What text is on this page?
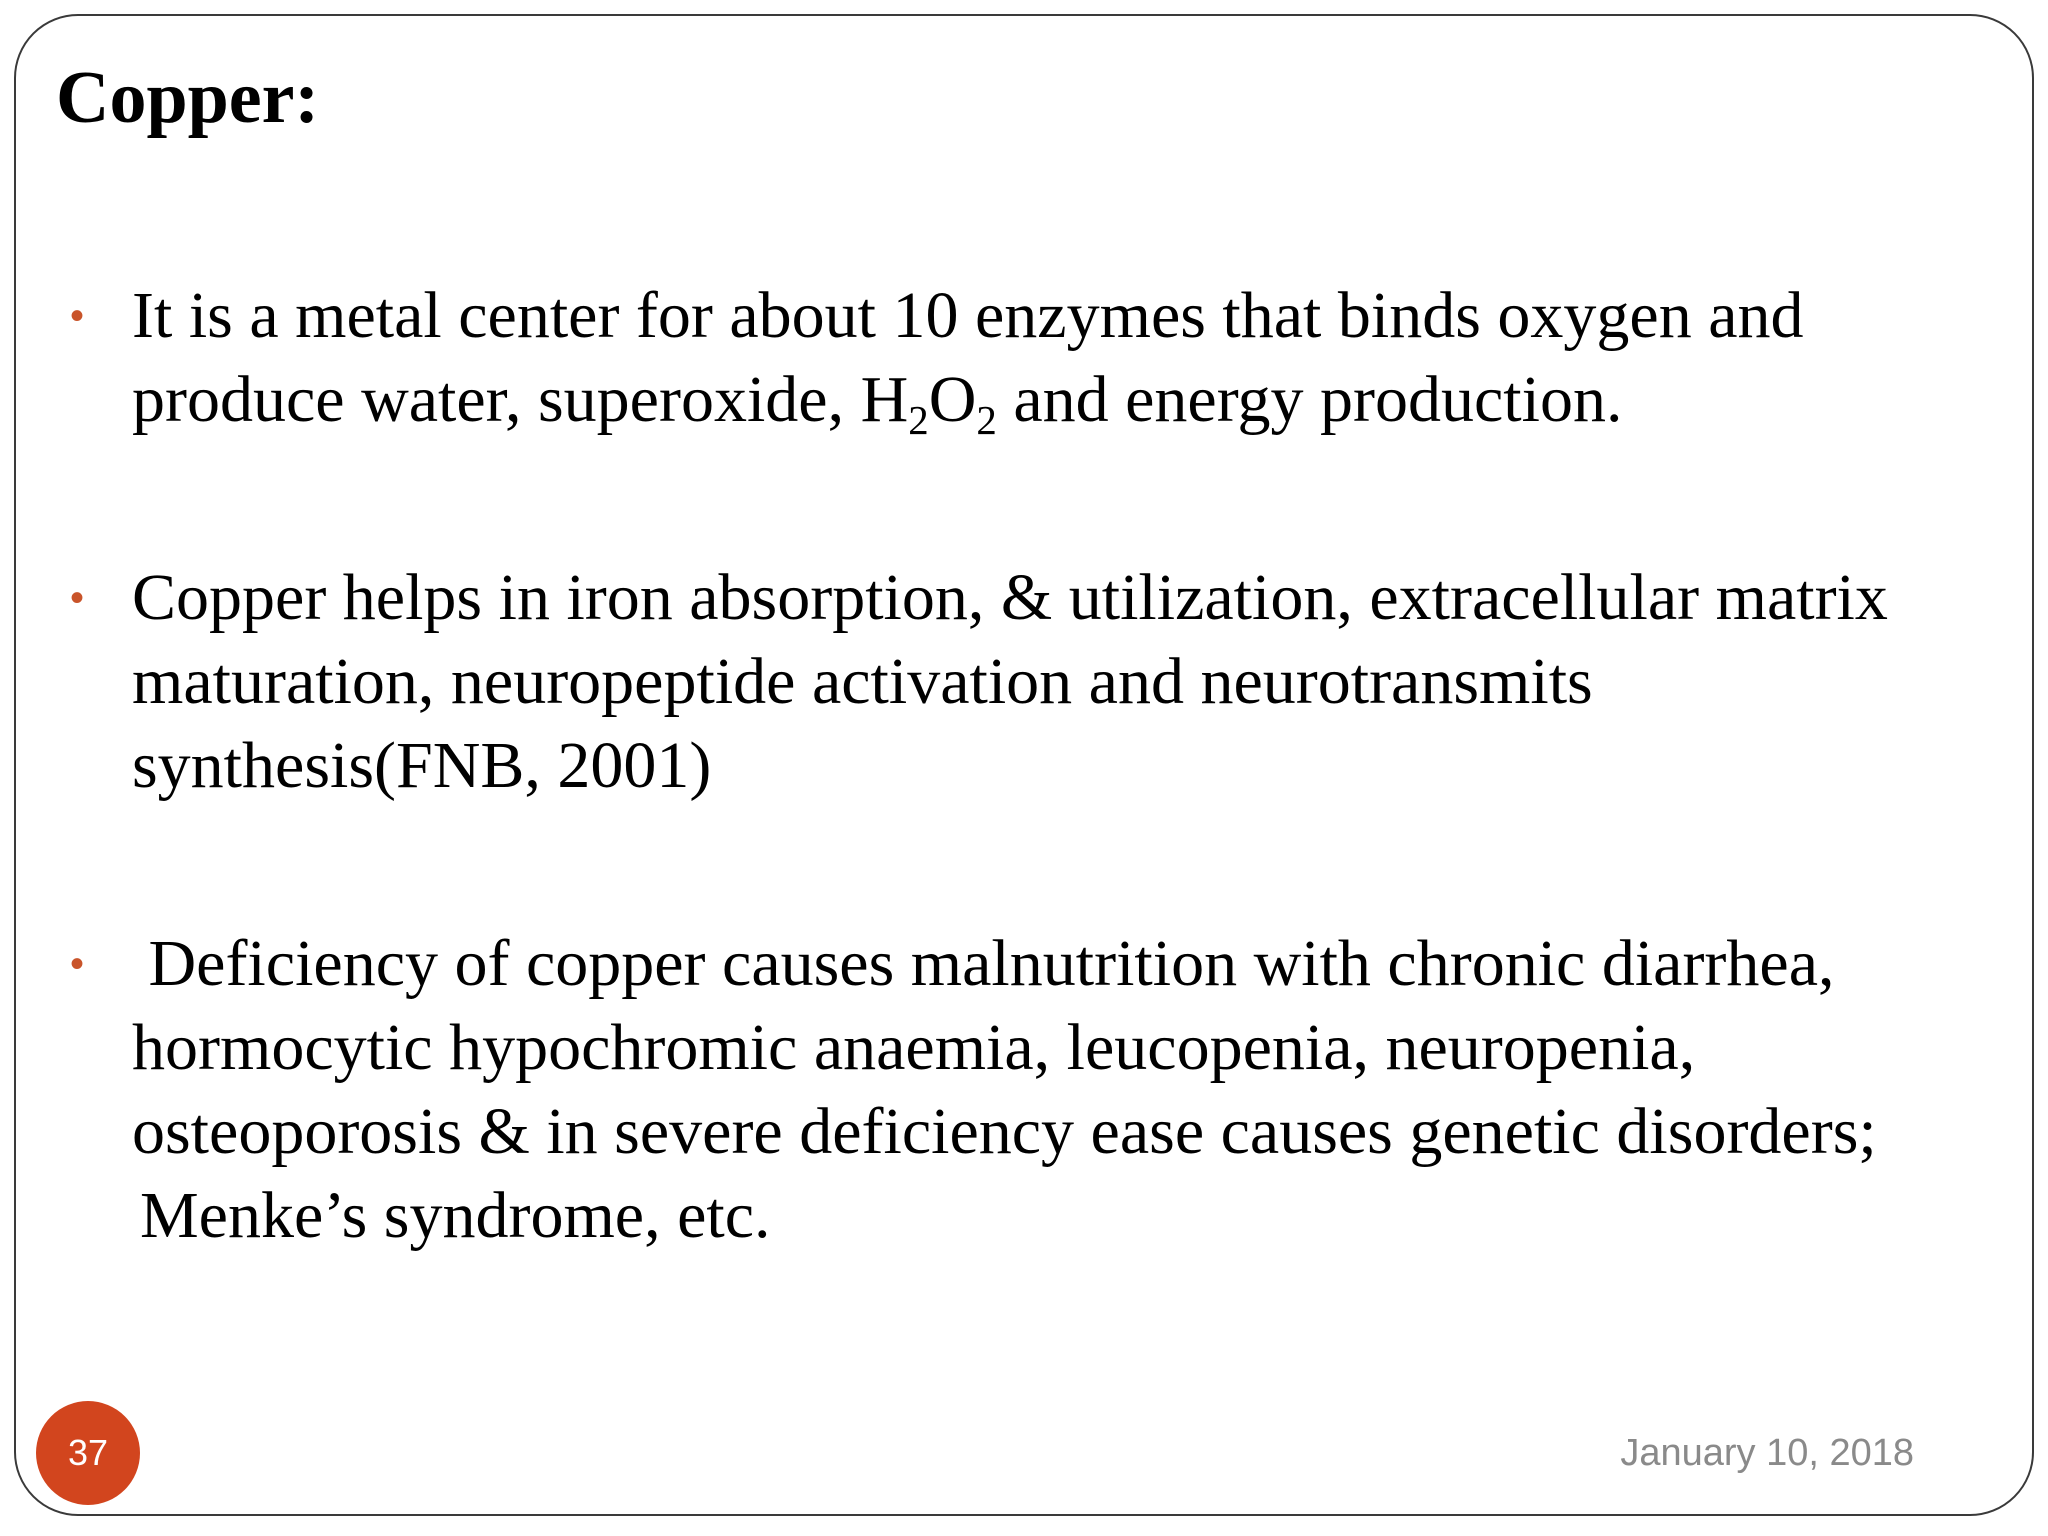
Copper:
• It is a metal center for about 10 enzymes that binds oxygen and
produce water, superoxide, $H_2O_2$ and energy production.
• Copper helps in iron absorption, & utilization, extracellular matrix
maturation, neuropeptide activation and neurotransmits
synthesis(FNB, 2001)
• Deficiency of copper causes malnutrition with chronic diarrhea,
hormocytic hypochromic anaemia, leucopenia, neuropenia,
osteoporosis & in severe deficiency ease causes genetic disorders;
Menke’s syndrome, etc.
37	January 10, 2018
